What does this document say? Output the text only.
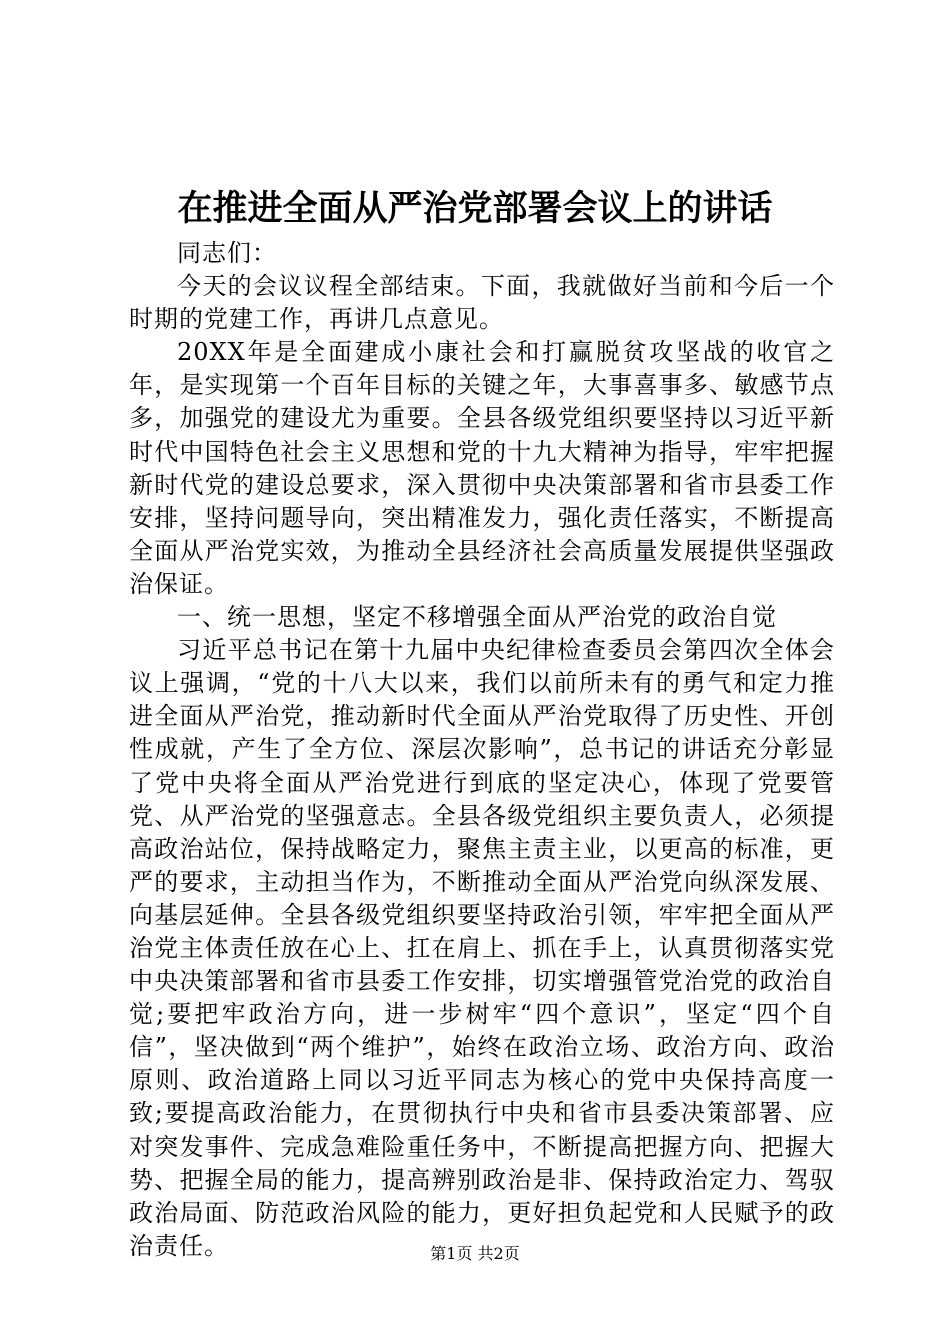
在推进全面从严治党部署会议上的讲话

同志们：

今天的会议议程全部结束。下面，我就做好当前和今后一个时期的党建工作，再讲几点意见。

20XX年是全面建成小康社会和打赢脱贫攻坚战的收官之年，是实现第一个百年目标的关键之年，大事喜事多、敏感节点多，加强党的建设尤为重要。全县各级党组织要坚持以习近平新时代中国特色社会主义思想和党的十九大精神为指导，牢牢把握新时代党的建设总要求，深入贯彻中央决策部署和省市县委工作安排，坚持问题导向，突出精准发力，强化责任落实，不断提高全面从严治党实效，为推动全县经济社会高质量发展提供坚强政治保证。

一、统一思想，坚定不移增强全面从严治党的政治自觉

习近平总书记在第十九届中央纪律检查委员会第四次全体会议上强调，“党的十八大以来，我们以前所未有的勇气和定力推进全面从严治党，推动新时代全面从严治党取得了历史性、开创性成就，产生了全方位、深层次影响”，总书记的讲话充分彰显了党中央将全面从严治党进行到底的坚定决心，体现了党要管党、从严治党的坚强意志。全县各级党组织主要负责人，必须提高政治站位，保持战略定力，聚焦主责主业，以更高的标准，更严的要求，主动担当作为，不断推动全面从严治党向纵深发展、向基层延伸。全县各级党组织要坚持政治引领，牢牢把全面从严治党主体责任放在心上、扛在肩上、抓在手上，认真贯彻落实党中央决策部署和省市县委工作安排，切实增强管党治党的政治自觉;要把牢政治方向，进一步树牢“四个意识”，坚定“四个自信”，坚决做到“两个维护”，始终在政治立场、政治方向、政治原则、政治道路上同以习近平同志为核心的党中央保持高度一致;要提高政治能力，在贯彻执行中央和省市县委决策部署、应对突发事件、完成急难险重任务中，不断提高把握方向、把握大势、把握全局的能力，提高辨别政治是非、保持政治定力、驾驭政治局面、防范政治风险的能力，更好担负起党和人民赋予的政治责任。	第1页 共2页
